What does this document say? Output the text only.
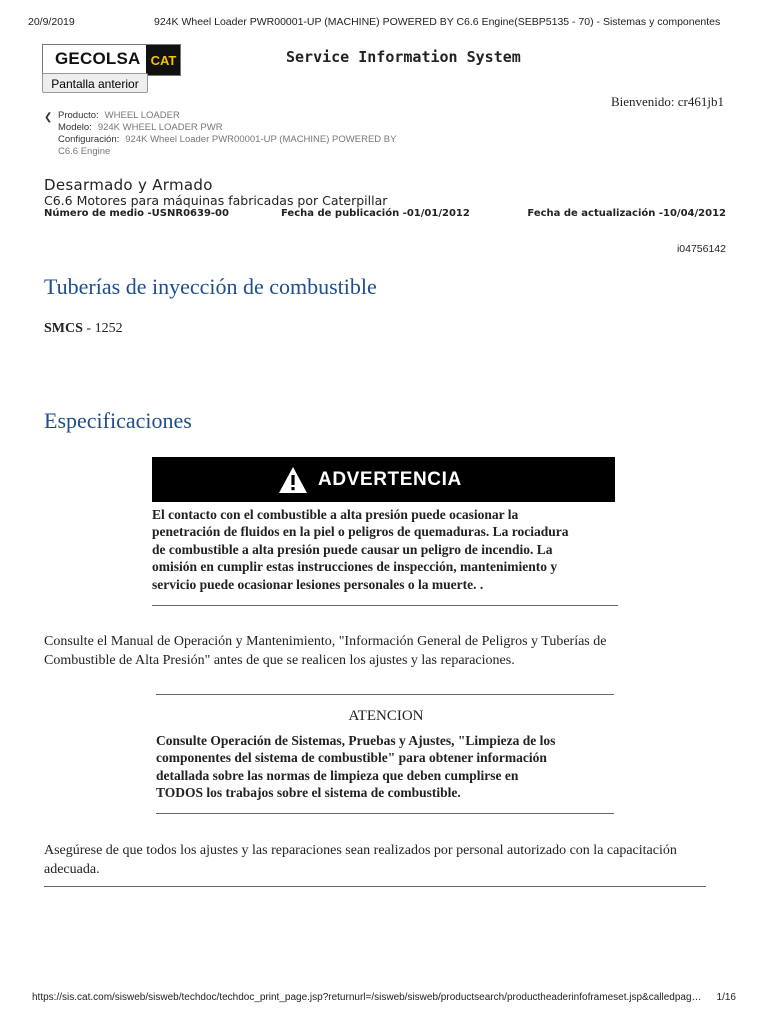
20/9/2019	924K Wheel Loader PWR00001-UP (MACHINE) POWERED BY C6.6 Engine(SEBP5135 - 70) - Sistemas y componentes
GECOLSA CAT	Service Information System
Pantalla anterior
Bienvenido: cr461jb1
❮ Producto: WHEEL LOADER
Modelo: 924K WHEEL LOADER PWR
Configuración: 924K Wheel Loader PWR00001-UP (MACHINE) POWERED BY
C6.6 Engine
Desarmado y Armado
C6.6 Motores para máquinas fabricadas por Caterpillar
Número de medio -USNR0639-00	Fecha de publicación -01/01/2012	Fecha de actualización -10/04/2012
i04756142
Tuberías de inyección de combustible
SMCS - 1252
Especificaciones
ADVERTENCIA
El contacto con el combustible a alta presión puede ocasionar la
penetración de fluidos en la piel o peligros de quemaduras. La rociadura
de combustible a alta presión puede causar un peligro de incendio. La
omisión en cumplir estas instrucciones de inspección, mantenimiento y
servicio puede ocasionar lesiones personales o la muerte. .
Consulte el Manual de Operación y Mantenimiento, "Información General de Peligros y Tuberías de
Combustible de Alta Presión" antes de que se realicen los ajustes y las reparaciones.
ATENCION
Consulte Operación de Sistemas, Pruebas y Ajustes, "Limpieza de los
componentes del sistema de combustible" para obtener información
detallada sobre las normas de limpieza que deben cumplirse en
TODOS los trabajos sobre el sistema de combustible.
Asegúrese de que todos los ajustes y las reparaciones sean realizados por personal autorizado con la capacitación
adecuada.
https://sis.cat.com/sisweb/sisweb/techdoc/techdoc_print_page.jsp?returnurl=/sisweb/sisweb/productsearch/productheaderinfoframeset.jsp&calledpag…	1/16
